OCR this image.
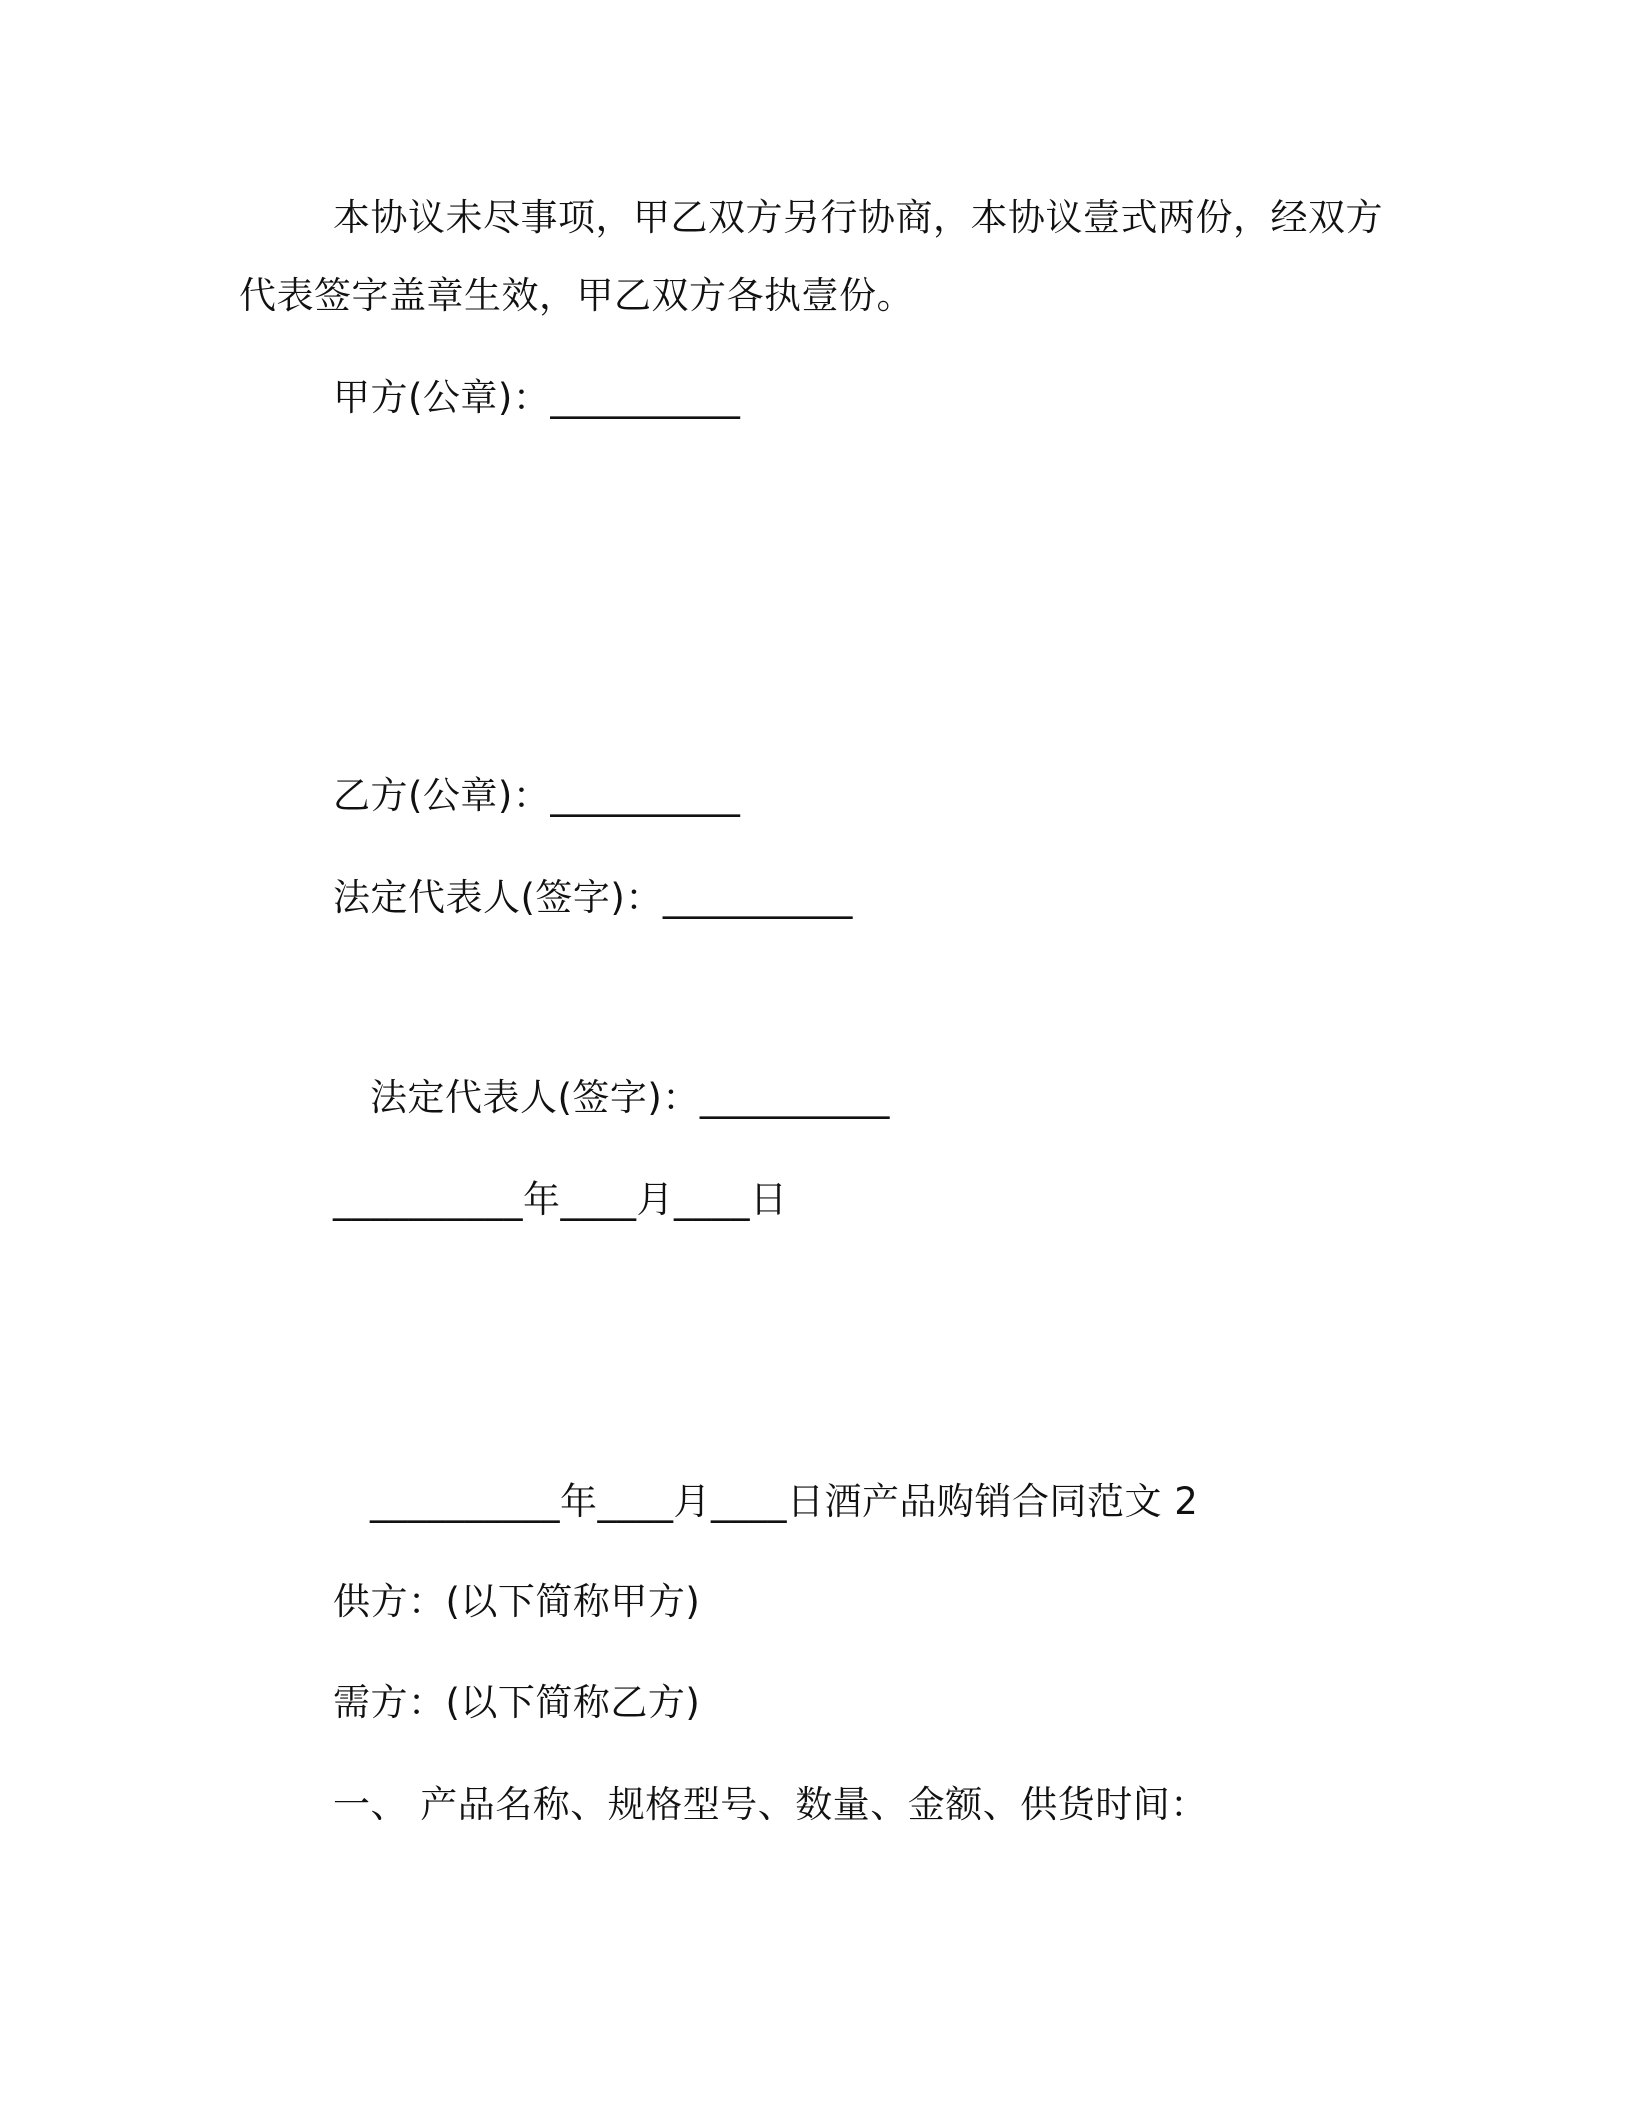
本协议未尽事项，甲乙双方另行协商，本协议壹式两份，经双方
代表签字盖章生效，甲乙双方各执壹份。
甲方(公章)：__________
乙方(公章)：__________
法定代表人(签字)：__________
法定代表人(签字)：__________
__________年____月____日
__________年____月____日酒产品购销合同范文 2
供方：(以下简称甲方)
需方：(以下简称乙方)
一、 产品名称、规格型号、数量、金额、供货时间：
